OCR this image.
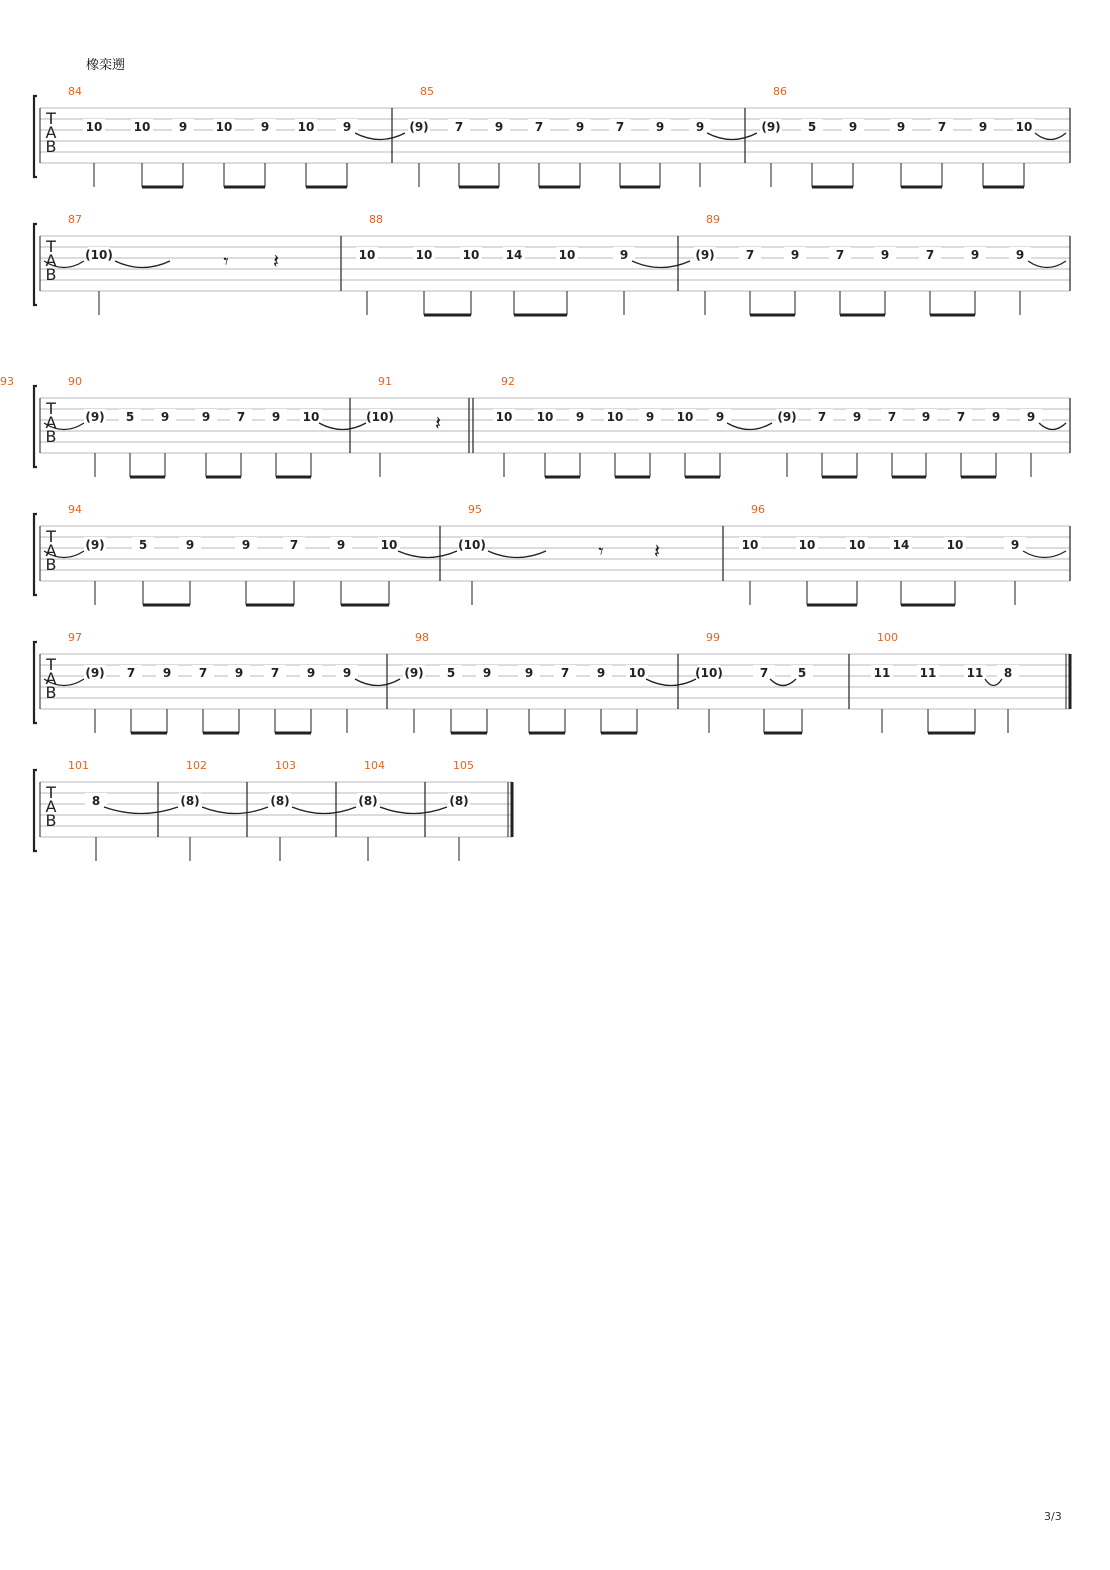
橡栾遡
T
A
B
84
10	10 9 10 9 10 9
85
(9) 7	9	7	9	7	9	9
86
(9) 5	9	9	7	9 10
T
A
B
87
(10)
88
10	10	10 14	10	9
89
(9)	7	9	7	9	7	9	9
𝄾 𝄽
T
A
B
90
(9) 5 9	9 7 9 10
91
(10)
92
10 10 9 10 9 10 9
93
(9) 7 9 7 9 7 9 9
𝄽
T
A
B
94
(9)	5	9	9	7	9	10
95
(10)
96
10	10	10 14	10	9
𝄾	𝄽
T
A
B
97
(9) 7 9 7 9 7 9 9
98
(9) 5 9	9 7 9 10
99
(10)	7 5
100
11 11	11 8
T
A
B
101
8
102
(8)
103
(8)
104
(8)
105
(8)
3/3
